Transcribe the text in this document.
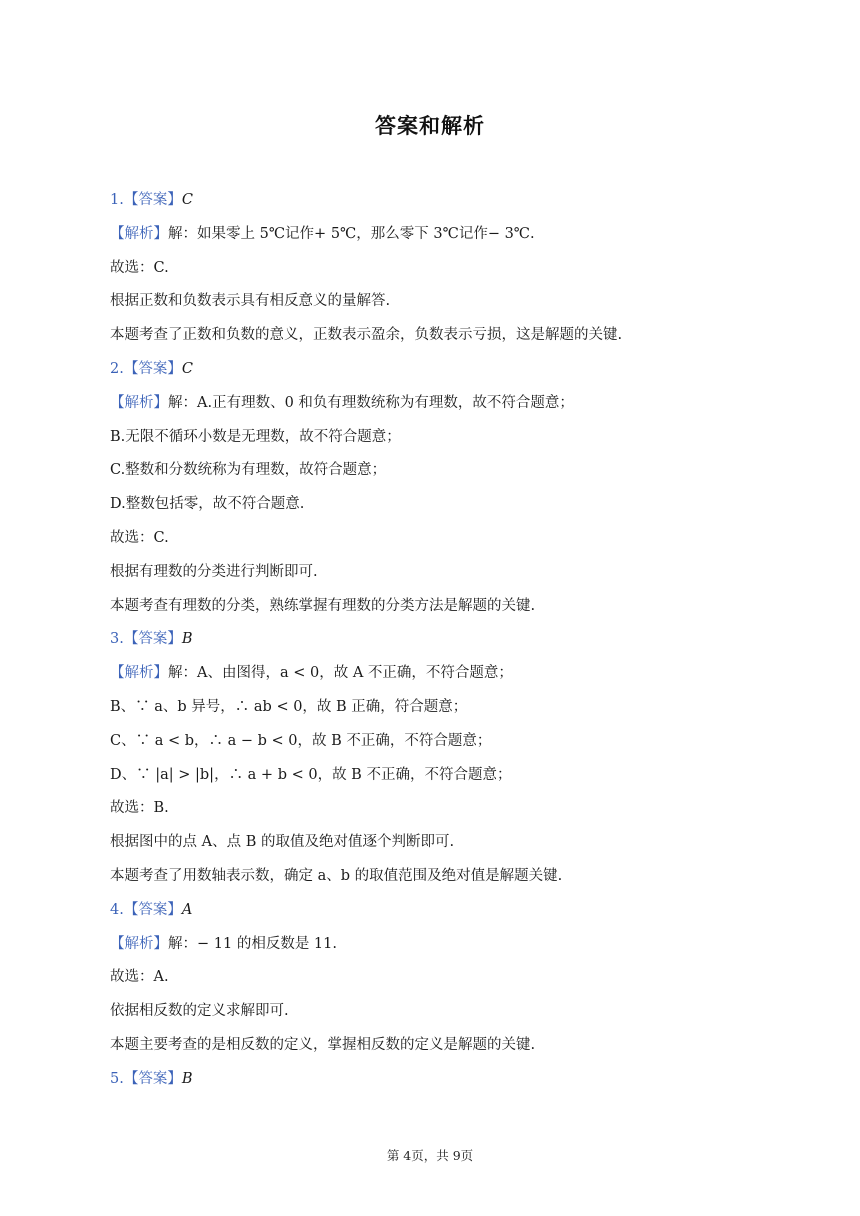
答案和解析
1.【答案】C
【解析】解：如果零上 5℃记作+ 5℃，那么零下 3℃记作− 3℃.
故选：C.
根据正数和负数表示具有相反意义的量解答.
本题考查了正数和负数的意义，正数表示盈余，负数表示亏损，这是解题的关键.
2.【答案】C
【解析】解：A.正有理数、0 和负有理数统称为有理数，故不符合题意；
B.无限不循环小数是无理数，故不符合题意；
C.整数和分数统称为有理数，故符合题意；
D.整数包括零，故不符合题意.
故选：C.
根据有理数的分类进行判断即可.
本题考查有理数的分类，熟练掌握有理数的分类方法是解题的关键.
3.【答案】B
【解析】解：A、由图得，a < 0，故 A 不正确，不符合题意；
B、∵ a、b 异号，∴ ab < 0，故 B 正确，符合题意；
C、∵ a < b，∴ a − b < 0，故 B 不正确，不符合题意；
D、∵ |a| > |b|，∴ a + b < 0，故 B 不正确，不符合题意；
故选：B.
根据图中的点 A、点 B 的取值及绝对值逐个判断即可.
本题考查了用数轴表示数，确定 a、b 的取值范围及绝对值是解题关键.
4.【答案】A
【解析】解：− 11 的相反数是 11.
故选：A.
依据相反数的定义求解即可.
本题主要考查的是相反数的定义，掌握相反数的定义是解题的关键.
5.【答案】B
第 4页，共 9页
